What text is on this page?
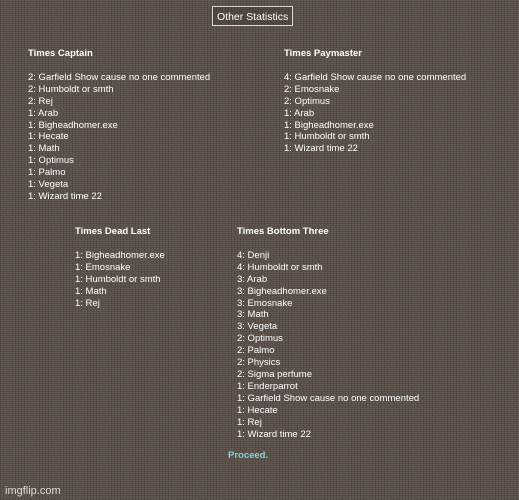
Other Statistics
Times Captain
2: Garfield Show cause no one commented
2: Humboldt or smth
2: Rej
1: Arab
1: Bigheadhomer.exe
1: Hecate
1: Math
1: Optimus
1: Palmo
1: Vegeta
1: Wizard time 22
Times Paymaster
4: Garfield Show cause no one commented
2: Emosnake
2: Optimus
1: Arab
1: Bigheadhomer.exe
1: Humboldt or smth
1: Wizard time 22
Times Dead Last
1: Bigheadhomer.exe
1: Emosnake
1: Humboldt or smth
1: Math
1: Rej
Times Bottom Three
4: Denji
4: Humboldt or smth
3: Arab
3: Bigheadhomer.exe
3: Emosnake
3: Math
3: Vegeta
2: Optimus
2: Palmo
2: Physics
2: Sigma perfume
1: Enderparrot
1: Garfield Show cause no one commented
1: Hecate
1: Rej
1: Wizard time 22
Proceed.
imgflip.com
